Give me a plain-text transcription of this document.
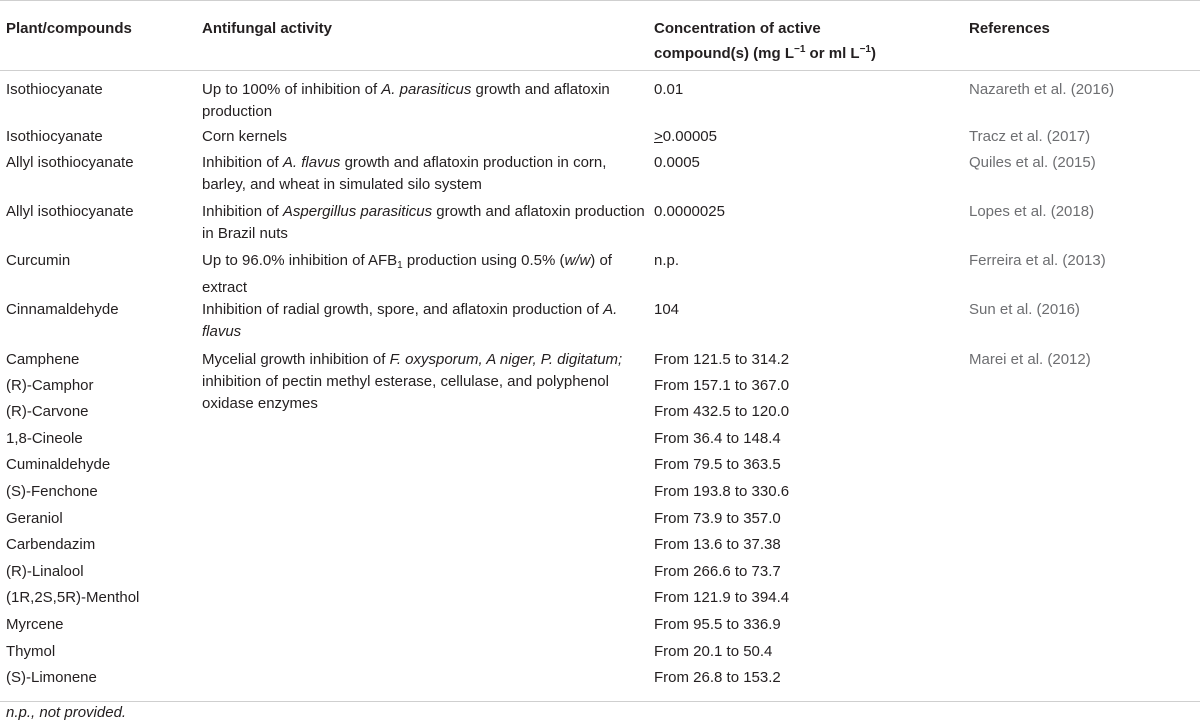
Plant/compounds	Antifungal activity	Concentration of active
compound(s) (mg $L^{-1}$ or ml $L^{-1}$)	References
Isothiocyanate	Up to 100% of inhibition of A. parasiticus growth and aflatoxin production	0.01	Nazareth et al. (2016)
Isothiocyanate	Corn kernels	>0.00005	Tracz et al. (2017)
Allyl isothiocyanate	Inhibition of A. flavus growth and aflatoxin production in corn, barley, and wheat in simulated silo system	0.0005	Quiles et al. (2015)
Allyl isothiocyanate	Inhibition of Aspergillus parasiticus growth and aflatoxin production in Brazil nuts	0.0000025	Lopes et al. (2018)
Curcumin	Up to 96.0% inhibition of $AFB_1$ production using 0.5% (w/w) of extract	n.p.	Ferreira et al. (2013)
Cinnamaldehyde	Inhibition of radial growth, spore, and aflatoxin production of A. flavus	104	Sun et al. (2016)
Camphene	Mycelial growth inhibition of F. oxysporum, A niger, P. digitatum; inhibition of pectin methyl esterase, cellulase, and polyphenol oxidase enzymes	From 121.5 to 314.2	Marei et al. (2012)
(R)-Camphor		From 157.1 to 367.0	
(R)-Carvone		From 432.5 to 120.0	
1,8-Cineole		From 36.4 to 148.4	
Cuminaldehyde		From 79.5 to 363.5	
(S)-Fenchone		From 193.8 to 330.6	
Geraniol		From 73.9 to 357.0	
Carbendazim		From 13.6 to 37.38	
(R)-Linalool		From 266.6 to 73.7	
(1R,2S,5R)-Menthol		From 121.9 to 394.4	
Myrcene		From 95.5 to 336.9	
Thymol		From 20.1 to 50.4	
(S)-Limonene		From 26.8 to 153.2	
n.p., not provided.
